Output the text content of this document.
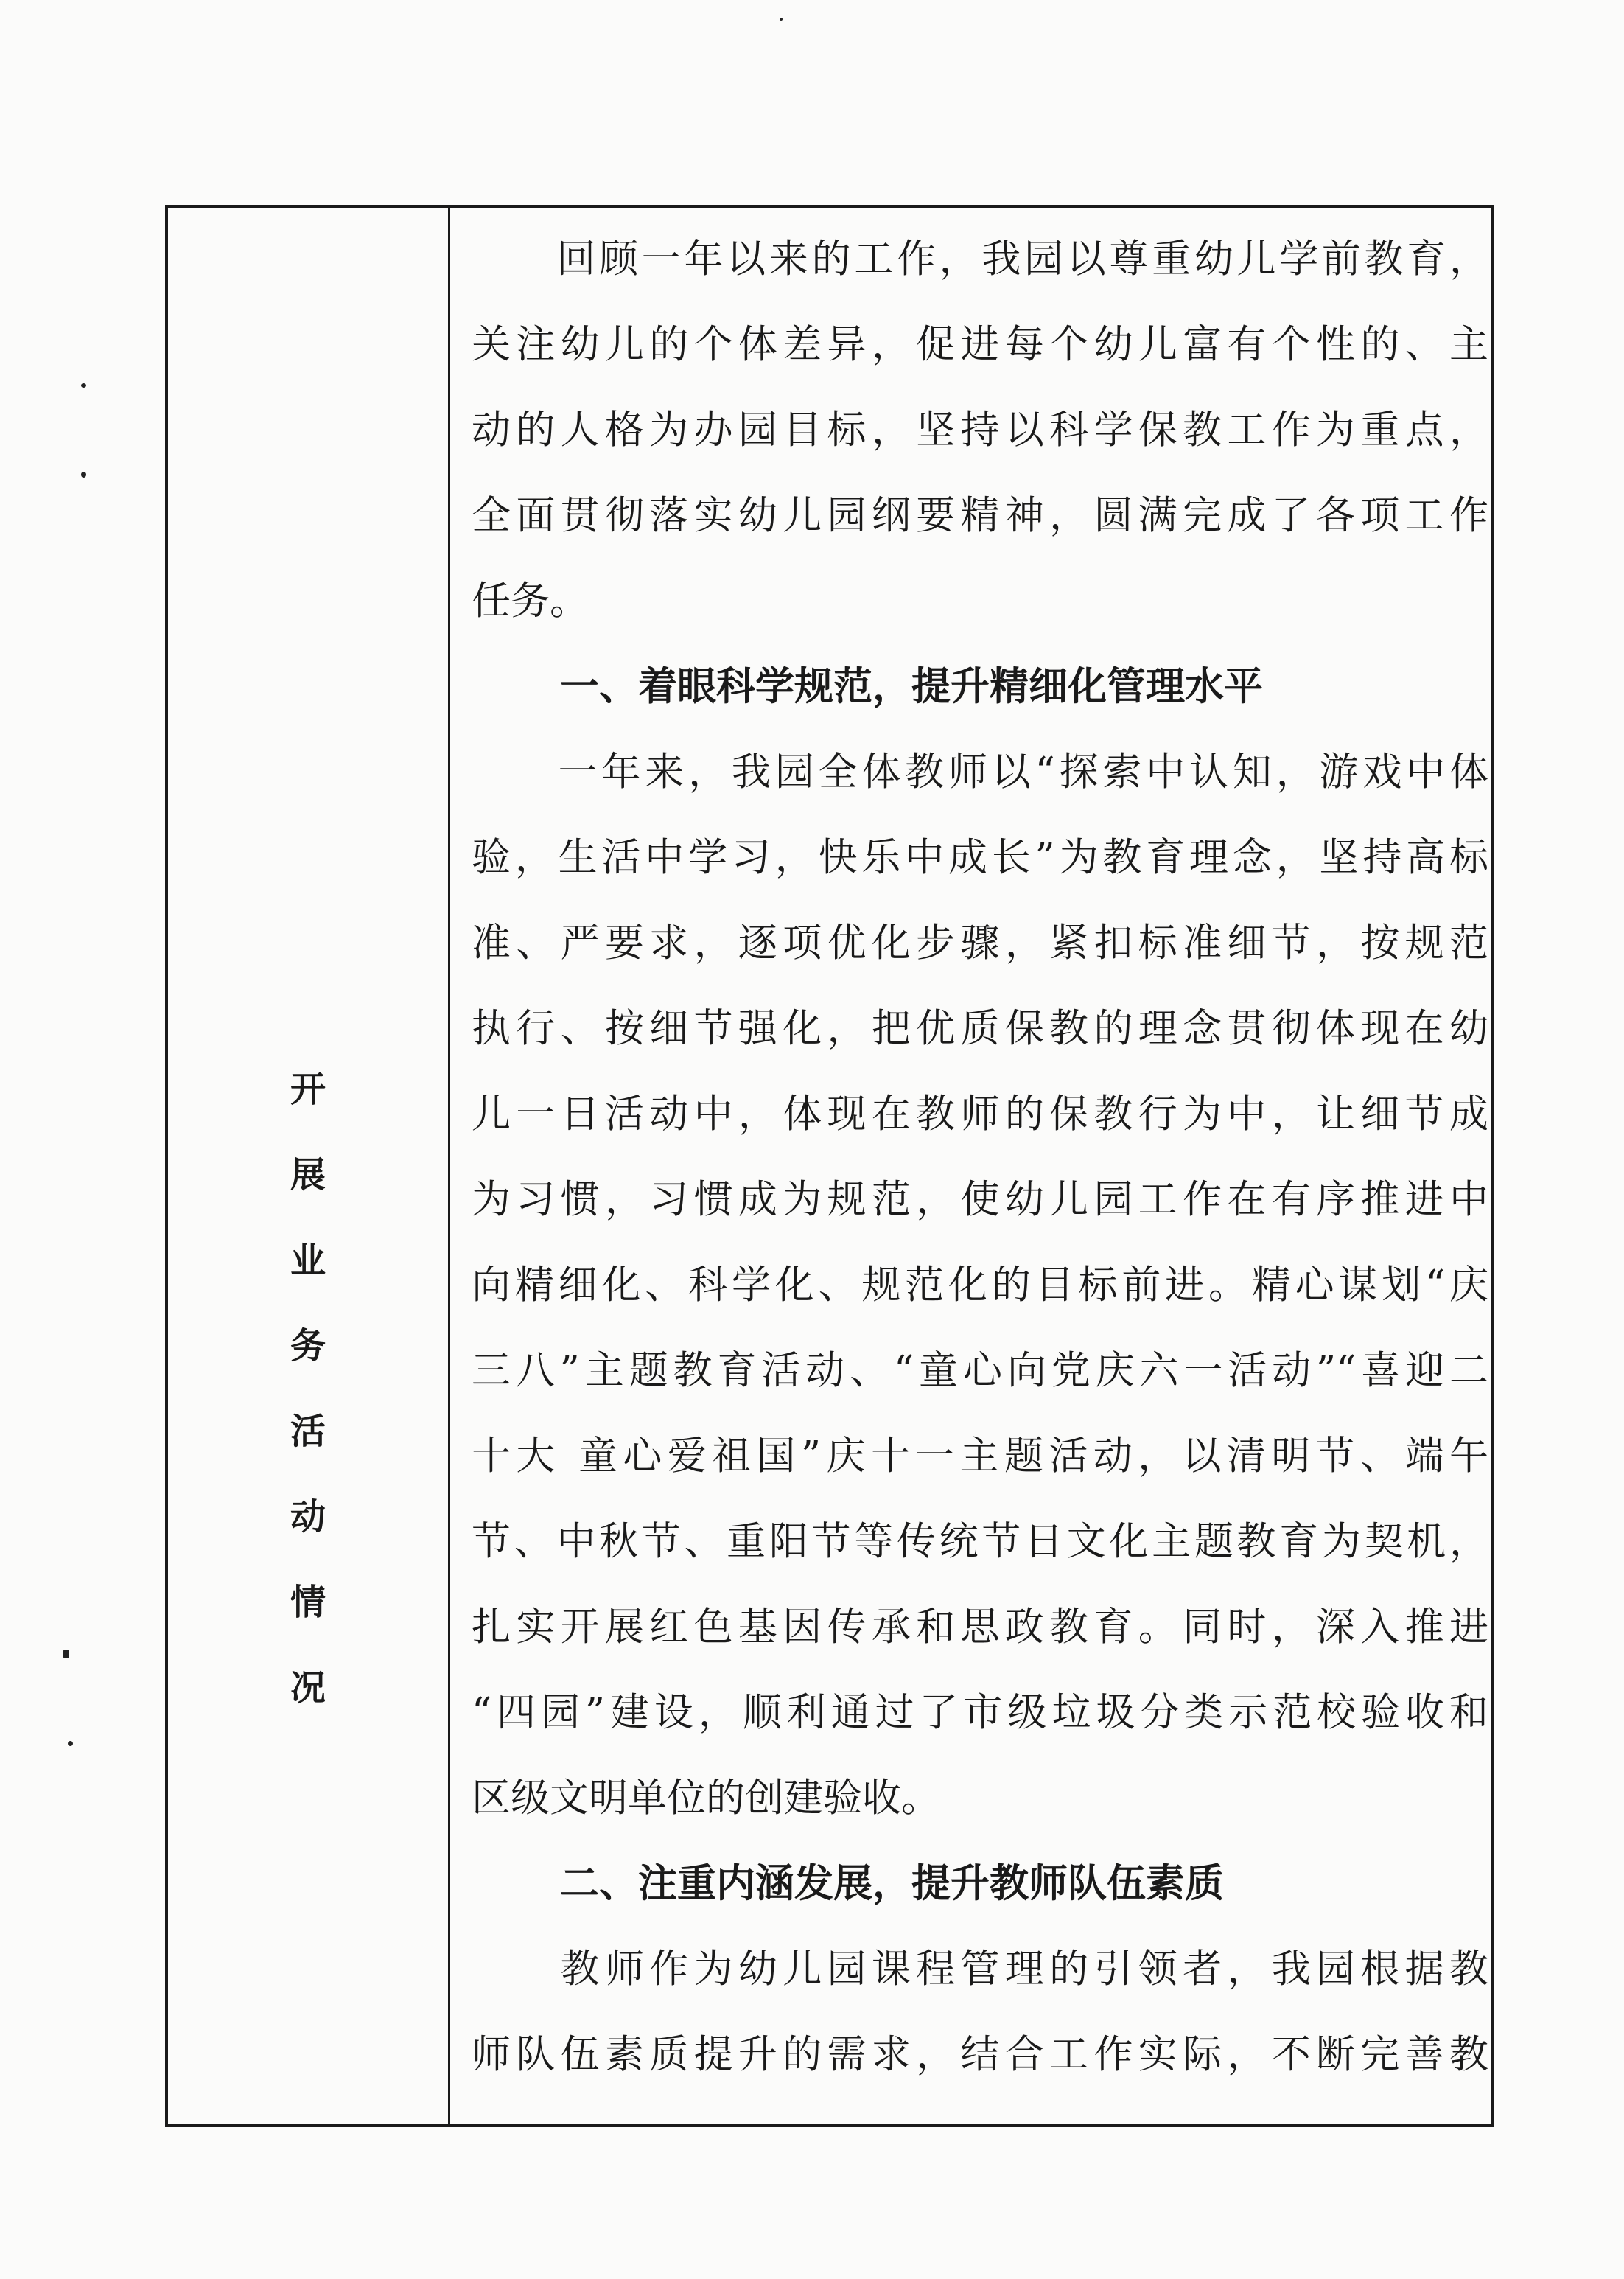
开
展
业
务
活
动
情
况
　　回顾一年以来的工作，我园以尊重幼儿学前教育，
关注幼儿的个体差异，促进每个幼儿富有个性的、主
动的人格为办园目标，坚持以科学保教工作为重点，
全面贯彻落实幼儿园纲要精神，圆满完成了各项工作
任务。
一、着眼科学规范，提升精细化管理水平
　　一年来，我园全体教师以“探索中认知，游戏中体
验，生活中学习，快乐中成长”为教育理念，坚持高标
准、严要求，逐项优化步骤，紧扣标准细节，按规范
执行、按细节强化，把优质保教的理念贯彻体现在幼
儿一日活动中，体现在教师的保教行为中，让细节成
为习惯，习惯成为规范，使幼儿园工作在有序推进中
向精细化、科学化、规范化的目标前进。精心谋划“庆
三八”主题教育活动、“童心向党庆六一活动”“喜迎二
十大 童心爱祖国”庆十一主题活动，以清明节、端午
节、中秋节、重阳节等传统节日文化主题教育为契机，
扎实开展红色基因传承和思政教育。同时，深入推进
“四园”建设，顺利通过了市级垃圾分类示范校验收和
区级文明单位的创建验收。
二、注重内涵发展，提升教师队伍素质
　　教师作为幼儿园课程管理的引领者，我园根据教
师队伍素质提升的需求，结合工作实际，不断完善教
